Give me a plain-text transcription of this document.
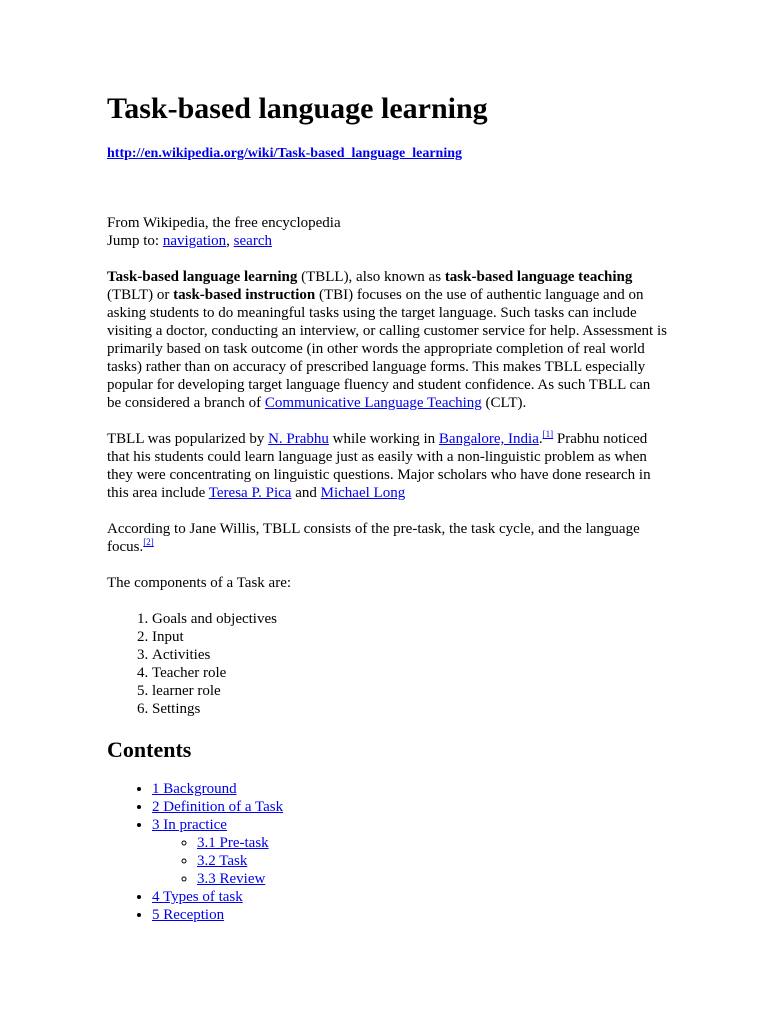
Task-based language learning
http://en.wikipedia.org/wiki/Task-based_language_learning

From Wikipedia, the free encyclopedia
Jump to: navigation, search

Task-based language learning (TBLL), also known as task-based language teaching (TBLT) or task-based instruction (TBI) focuses on the use of authentic language and on asking students to do meaningful tasks using the target language. Such tasks can include visiting a doctor, conducting an interview, or calling customer service for help. Assessment is primarily based on task outcome (in other words the appropriate completion of real world tasks) rather than on accuracy of prescribed language forms. This makes TBLL especially popular for developing target language fluency and student confidence. As such TBLL can be considered a branch of Communicative Language Teaching (CLT).

TBLL was popularized by N. Prabhu while working in Bangalore, India.[1] Prabhu noticed that his students could learn language just as easily with a non-linguistic problem as when they were concentrating on linguistic questions. Major scholars who have done research in this area include Teresa P. Pica and Michael Long

According to Jane Willis, TBLL consists of the pre-task, the task cycle, and the language focus.[2]

The components of a Task are:

1. Goals and objectives
2. Input
3. Activities
4. Teacher role
5. learner role
6. Settings
Contents
• 1 Background
• 2 Definition of a Task
• 3 In practice
◦ 3.1 Pre-task
◦ 3.2 Task
◦ 3.3 Review
• 4 Types of task
• 5 Reception
